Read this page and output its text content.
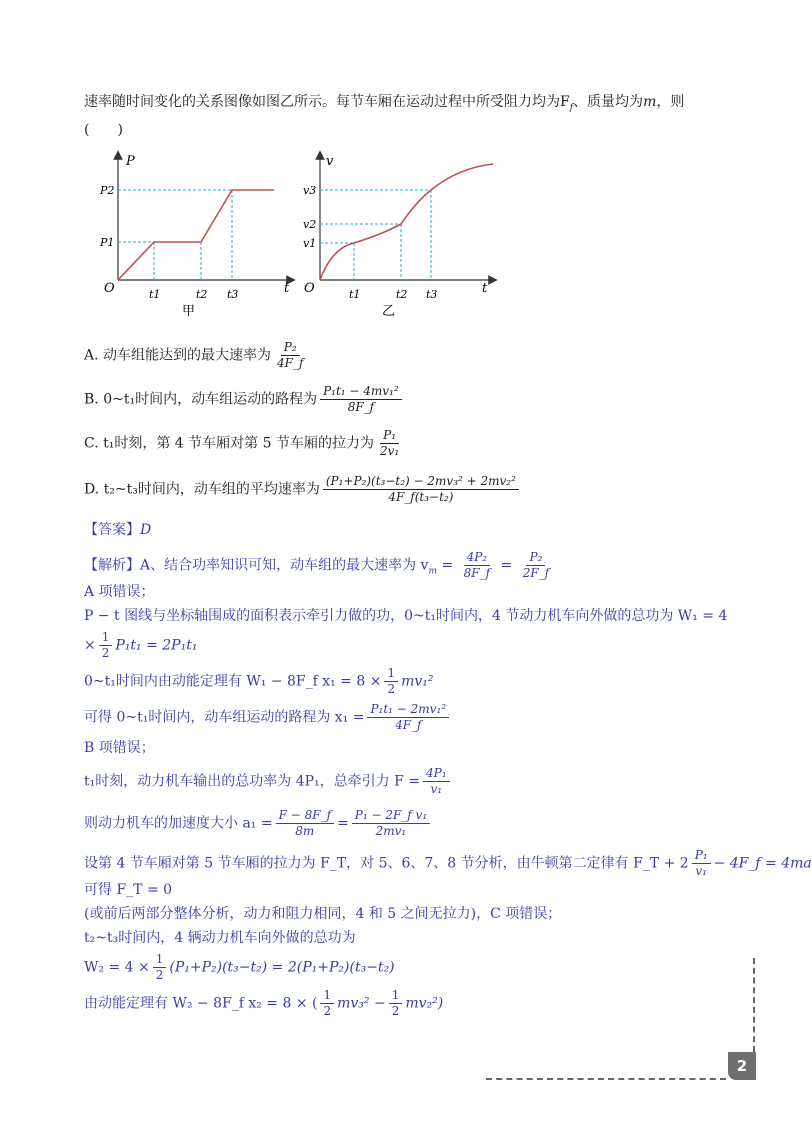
速率随时间变化的关系图像如图乙所示。每节车厢在运动过程中所受阻力均为$F_f$、质量均为m，则
(　　)
P
t
O
P2
P1
t1	t2 t3
甲
v
t
O
v3
v2
v1
t1	t2 t3
乙
A. 动车组能达到的最大速率为 $\frac{\text{P₂}}{4F\_f}$
B. 0~t₁时间内，动车组运动的路程为 $\frac{\text{P₁t₁ − 4mv₁²}}{8F\_f}$
C. t₁时刻，第 4 节车厢对第 5 节车厢的拉力为 $\frac{\text{P₁}}{\text{2v₁}}$
D. t₂~t₃时间内，动车组的平均速率为 $\frac{\text{(P₁+P₂)(t₃−t₂) − 2mv₃² + 2mv₂²}}{\text{4F\_f(t₃−t₂)}}$
【答案】D
【解析】A、结合功率知识可知，动车组的最大速率为 $v_m = \frac{\text{4P₂}}{8F\_f} = \frac{\text{P₂}}{2F\_f}$
A 项错误；
P − t 图线与坐标轴围成的面积表示牵引力做的功，0~t₁时间内，4 节动力机车向外做的总功为 W₁ = 4
× $\frac{1}{2} P_1t_1 = 2P_1t_1$
0~t₁时间内由动能定理有 W₁ − 8F_f $x_1 = 8 \times \frac{1}{2} mv_1^2$
可得 0~t₁时间内，动车组运动的路程为 $x_1 = \frac{\text{P₁t₁ − 2mv₁²}}{4F\_f}$
B 项错误；
t₁时刻，动力机车输出的总功率为 4P₁，总牵引力 $F = \frac{\text{4P₁}}{\text{v₁}}$
则动力机车的加速度大小 $a_1 = \frac{F - 8F\_f}{8m} = \frac{\text{P₁ − 2F\_f v₁}}{\text{2mv₁}}$
设第 4 节车厢对第 5 节车厢的拉力为 F_T，对 5、6、7、8 节分析，由牛顿第二定律有 F_T + $2 \frac{\text{P₁}}{\text{v₁}}$ − 4F_f = 4ma
可得 F_T = 0
(或前后两部分整体分析，动力和阻力相同，4 和 5 之间无拉力)，C 项错误；
t₂~t₃时间内，4 辆动力机车向外做的总功为
$W_2 = 4 \times \frac{1}{2} (P_1+P_2)(t_3-t_2) = 2(P_1+P_2)(t_3-t_2)$
由动能定理有 W₂ − 8F_f x₂ = 8 × ( $\frac{1}{2} mv_3^2 - \frac{1}{2} mv_2^2$)
2
